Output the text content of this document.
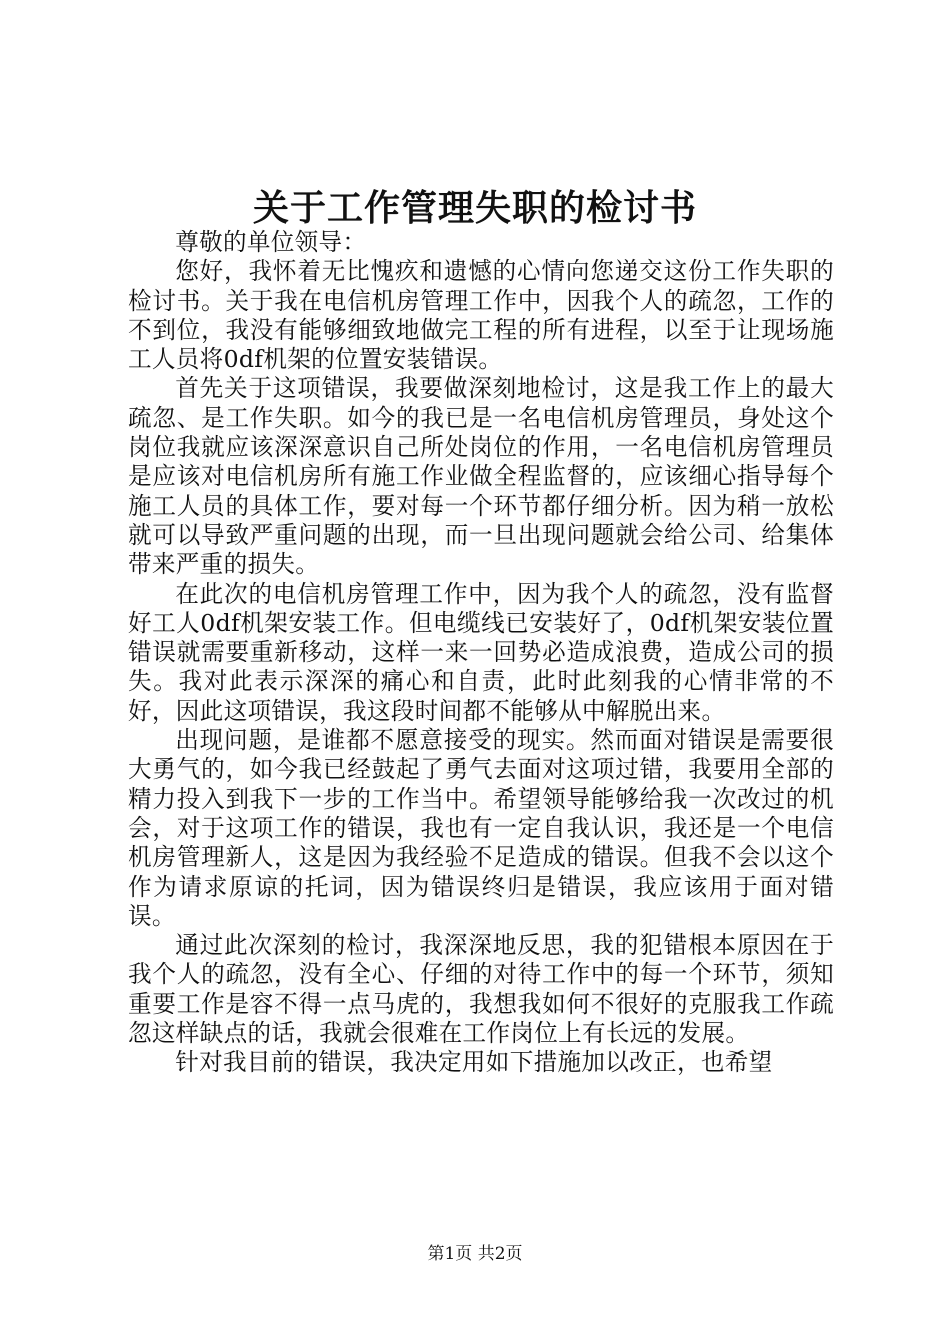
关于工作管理失职的检讨书

尊敬的单位领导：

您好，我怀着无比愧疚和遗憾的心情向您递交这份工作失职的检讨书。关于我在电信机房管理工作中，因我个人的疏忽，工作的不到位，我没有能够细致地做完工程的所有进程，以至于让现场施工人员将0df机架的位置安装错误。

首先关于这项错误，我要做深刻地检讨，这是我工作上的最大疏忽、是工作失职。如今的我已是一名电信机房管理员，身处这个岗位我就应该深深意识自己所处岗位的作用，一名电信机房管理员是应该对电信机房所有施工作业做全程监督的，应该细心指导每个施工人员的具体工作，要对每一个环节都仔细分析。因为稍一放松就可以导致严重问题的出现，而一旦出现问题就会给公司、给集体带来严重的损失。

在此次的电信机房管理工作中，因为我个人的疏忽，没有监督好工人0df机架安装工作。但电缆线已安装好了，0df机架安装位置错误就需要重新移动，这样一来一回势必造成浪费，造成公司的损失。我对此表示深深的痛心和自责，此时此刻我的心情非常的不好，因此这项错误，我这段时间都不能够从中解脱出来。

出现问题，是谁都不愿意接受的现实。然而面对错误是需要很大勇气的，如今我已经鼓起了勇气去面对这项过错，我要用全部的精力投入到我下一步的工作当中。希望领导能够给我一次改过的机会，对于这项工作的错误，我也有一定自我认识，我还是一个电信机房管理新人，这是因为我经验不足造成的错误。但我不会以这个作为请求原谅的托词，因为错误终归是错误，我应该用于面对错误。

通过此次深刻的检讨，我深深地反思，我的犯错根本原因在于我个人的疏忽，没有全心、仔细的对待工作中的每一个环节，须知重要工作是容不得一点马虎的，我想我如何不很好的克服我工作疏忽这样缺点的话，我就会很难在工作岗位上有长远的发展。

针对我目前的错误，我决定用如下措施加以改正，也希望

第1页 共2页
